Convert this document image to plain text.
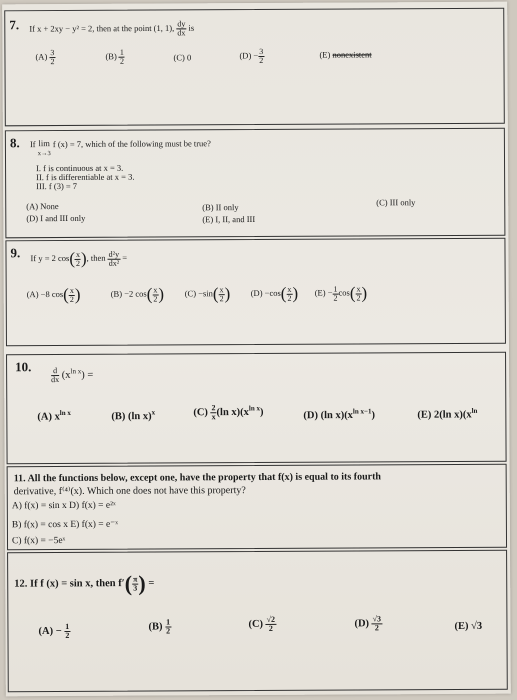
7. If x + 2xy − y² = 2, then at the point (1, 1), $\frac{dy}{dx}$ is
$(A) \frac{3}{2}$	$(B) \frac{1}{2}$	(C) 0	$(D) - \frac{3}{2}$	(E) nonexistent
8. If lim
x→3 f (x) = 7, which of the following must be true?
I. f is continuous at x = 3.
II. f is differentiable at x = 3.
III. f (3) = 7
(A) None	(B) II only	(C) III only
(D) I and III only	(E) I, II, and III
9. If y = 2 $\cos( \frac{x}{2}$ ), then $\frac{\text{d²y}}{\text{dx²}}$ =
(A) −8 $\cos( \frac{x}{2}$ )	(B) −2 $\cos( \frac{x}{2}$ ) $(C) -\sin( \frac{x}{2}$ ) $(D) -\cos( \frac{x}{2}$ ) $(E) - \frac{1}{2} \cos( \frac{x}{2}$ )
10.
$\frac{d}{dx} (x^{ln x})$ =
(A) $x^{ln x}$	(B) (ln x)$^x$	$(C) \frac{2}{x} (\ln$ $x)(x^{ln x})$	(D) (ln $x)(x^{ln x-1})$	(E) 2(ln $x)(x^{ln}$
11. All the functions below, except one, have the property that f(x) is equal to its fourth
derivative, f⁽⁴⁾(x). Which one does not have this property?
A) f(x) = sin x D) f(x) = e²ˣ
B) f(x) = cos x E) f(x) = e⁻ˣ
C) f(x) = −5eˣ
12. If f (x) = sin x, then $f'( \frac{\pi}{3}$ ) =
$(A) - \frac{1}{2}$	$(B) \frac{1}{2}$	$(C) \frac{√2}{2}$	$(D) \frac{√3}{2}$	(E) √3
